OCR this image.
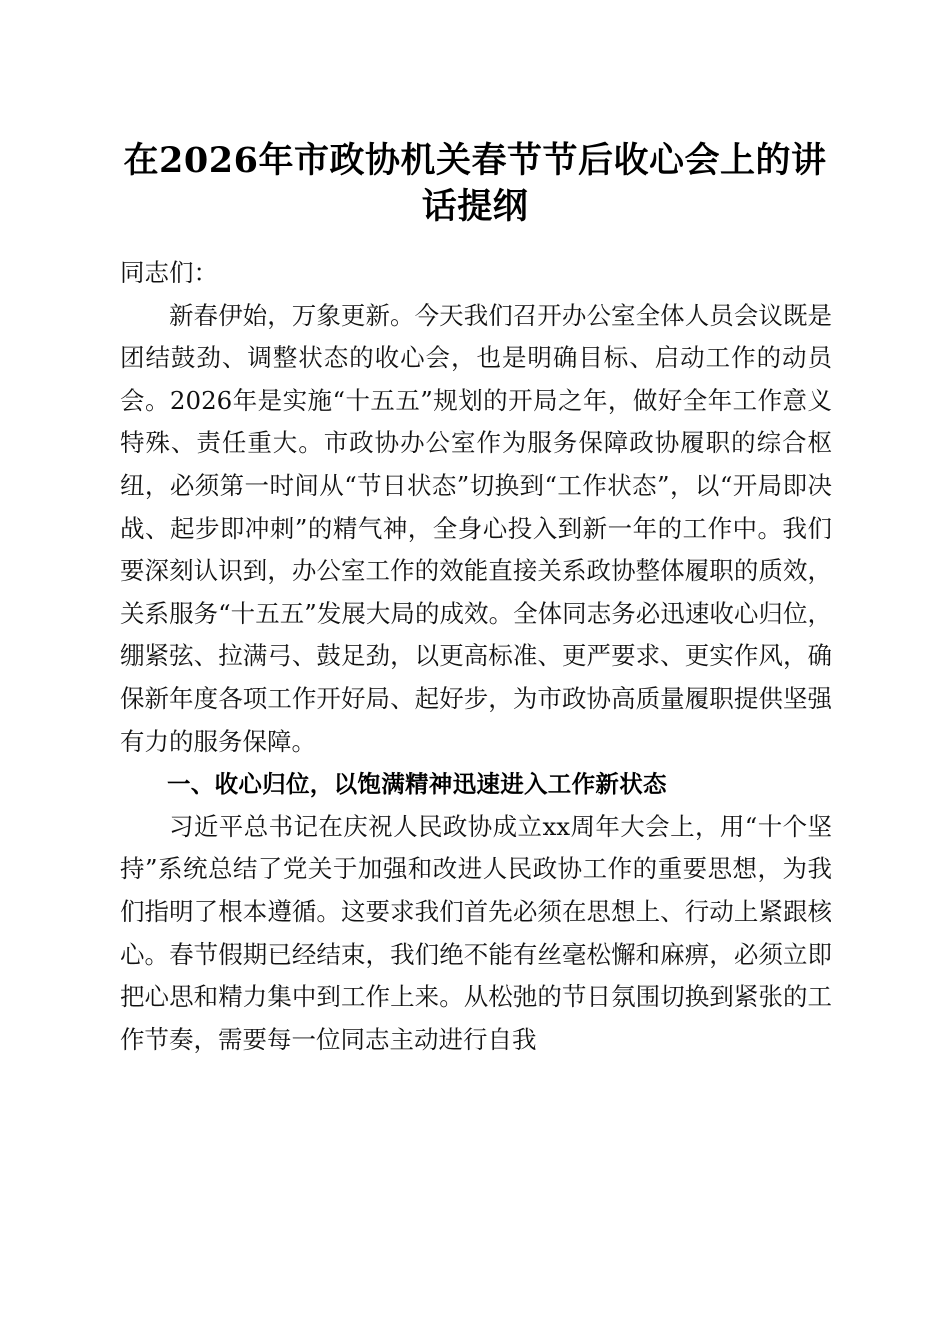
在2026年市政协机关春节节后收心会上的讲
话提纲

同志们：

新春伊始，万象更新。今天我们召开办公室全体人员会议既是团结鼓劲、调整状态的收心会，也是明确目标、启动工作的动员会。2026年是实施“十五五”规划的开局之年，做好全年工作意义特殊、责任重大。市政协办公室作为服务保障政协履职的综合枢纽，必须第一时间从“节日状态”切换到“工作状态”，以“开局即决战、起步即冲刺”的精气神，全身心投入到新一年的工作中。我们要深刻认识到，办公室工作的效能直接关系政协整体履职的质效，关系服务“十五五”发展大局的成效。全体同志务必迅速收心归位，绷紧弦、拉满弓、鼓足劲，以更高标准、更严要求、更实作风，确保新年度各项工作开好局、起好步，为市政协高质量履职提供坚强有力的服务保障。

一、收心归位，以饱满精神迅速进入工作新状态

习近平总书记在庆祝人民政协成立xx周年大会上，用“十个坚持”系统总结了党关于加强和改进人民政协工作的重要思想，为我们指明了根本遵循。这要求我们首先必须在思想上、行动上紧跟核心。春节假期已经结束，我们绝不能有丝毫松懈和麻痹，必须立即把心思和精力集中到工作上来。从松弛的节日氛围切换到紧张的工作节奏，需要每一位同志主动进行自我
